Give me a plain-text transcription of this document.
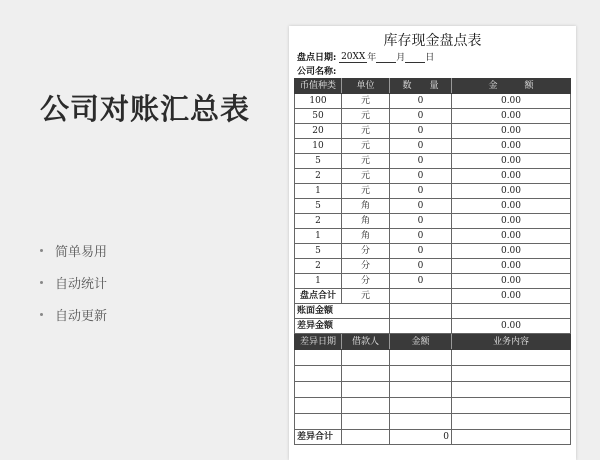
公司对账汇总表
简单易用
自动统计
自动更新
库存现金盘点表
盘点日期: 20XX 年 月 日
公司名称:
币值种类	单位	数　　量	金　　　额
100	元	0	0.00
50	元	0	0.00
20	元	0	0.00
10	元	0	0.00
5	元	0	0.00
2	元	0	0.00
1	元	0	0.00
5	角	0	0.00
2	角	0	0.00
1	角	0	0.00
5	分	0	0.00
2	分	0	0.00
1	分	0	0.00
盘点合计	元		0.00
账面金额			
差异金额			0.00
差异日期	借款人	金额	业务内容

差异合计		0	
